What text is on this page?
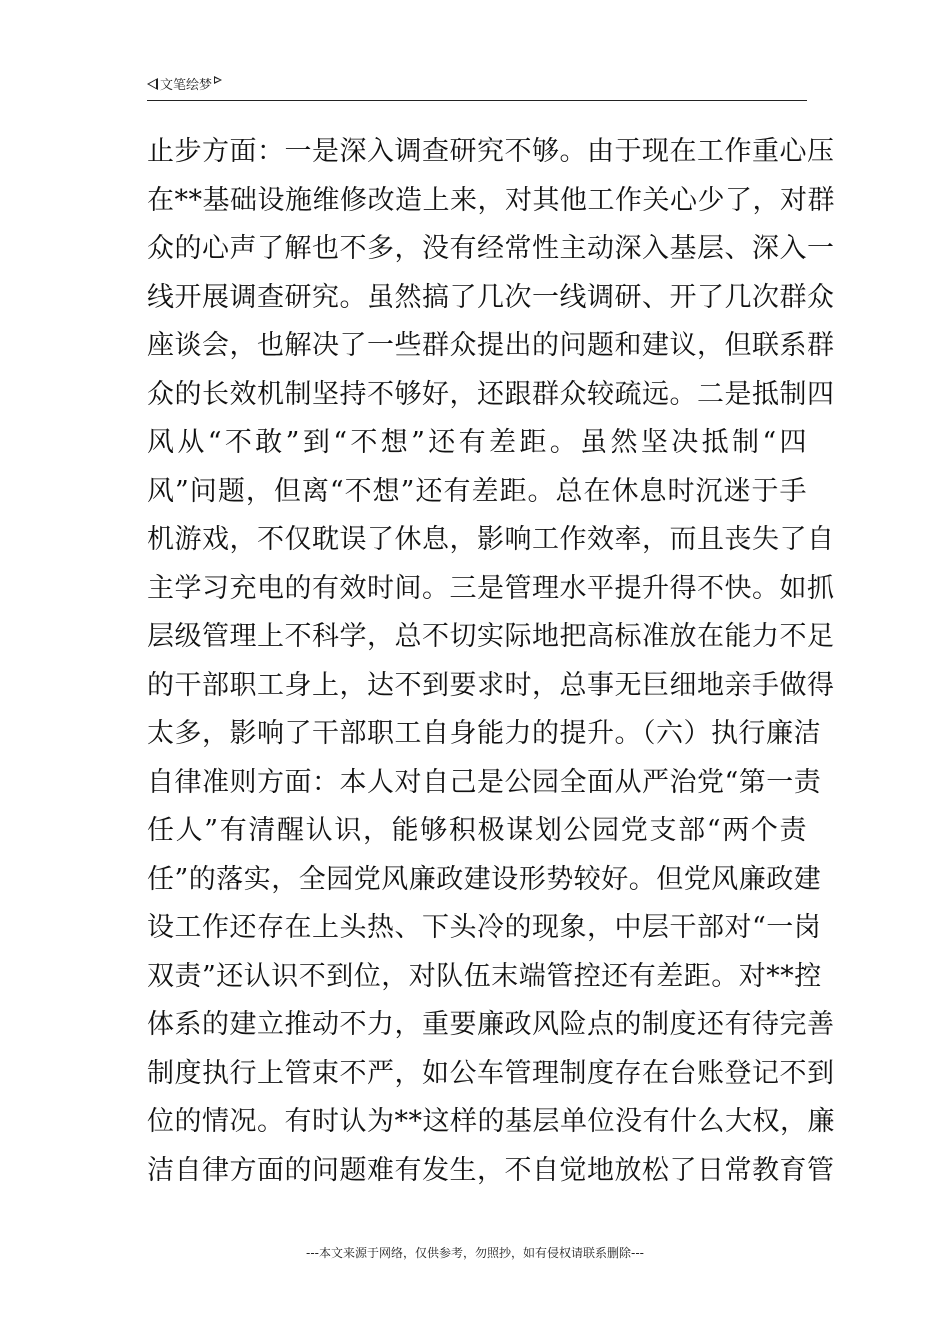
文笔绘梦
止步方面：一是深入调查研究不够。由于现在工作重心压
在**基础设施维修改造上来，对其他工作关心少了，对群
众的心声了解也不多，没有经常性主动深入基层、深入一
线开展调查研究。虽然搞了几次一线调研、开了几次群众
座谈会，也解决了一些群众提出的问题和建议，但联系群
众的长效机制坚持不够好，还跟群众较疏远。二是抵制四
风从“不敢”到“不想”还有差距。虽然坚决抵制“四
风”问题，但离“不想”还有差距。总在休息时沉迷于手
机游戏，不仅耽误了休息，影响工作效率，而且丧失了自
主学习充电的有效时间。三是管理水平提升得不快。如抓
层级管理上不科学，总不切实际地把高标准放在能力不足
的干部职工身上，达不到要求时，总事无巨细地亲手做得
太多，影响了干部职工自身能力的提升。（六）执行廉洁
自律准则方面：本人对自己是公园全面从严治党“第一责
任人”有清醒认识，能够积极谋划公园党支部“两个责
任”的落实，全园党风廉政建设形势较好。但党风廉政建
设工作还存在上头热、下头冷的现象，中层干部对“一岗
双责”还认识不到位，对队伍末端管控还有差距。对**控
体系的建立推动不力，重要廉政风险点的制度还有待完善
制度执行上管束不严，如公车管理制度存在台账登记不到
位的情况。有时认为**这样的基层单位没有什么大权，廉
洁自律方面的问题难有发生，不自觉地放松了日常教育管
---本文来源于网络，仅供参考，勿照抄，如有侵权请联系删除---
